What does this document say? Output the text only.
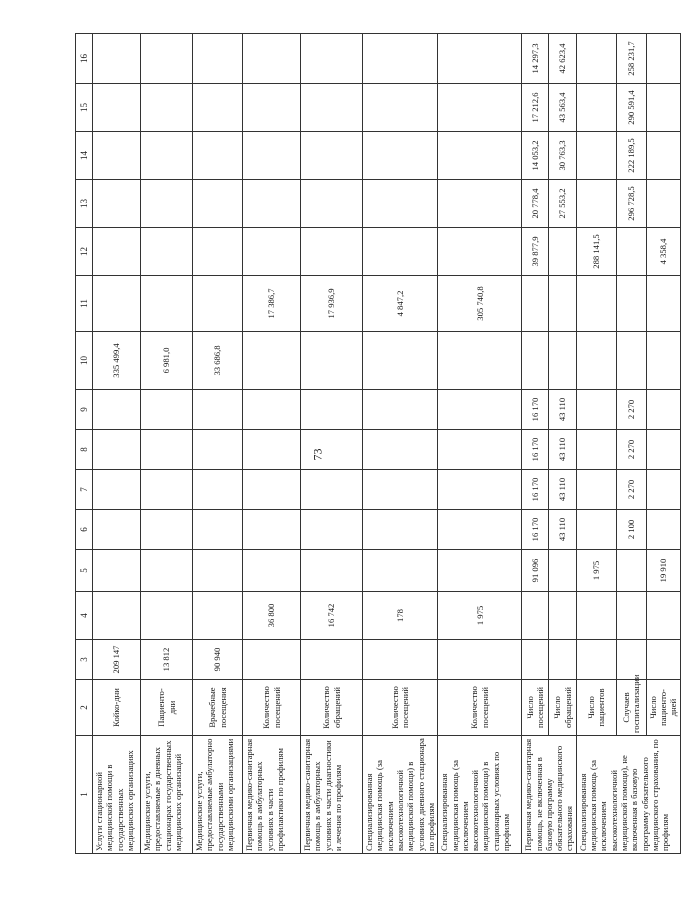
73
1	2	3	4	5	6	7	8	9	10	11	12	13	14	15	16
Услуги стационарной медицинской помощи в государственных медицинских организациях	Койко-дни	209 147							335 499,4						
Медицинские услуги, предоставляемые в дневных стационарах государственных медицинских организаций	Пациенто-дни	13 812							6 981,0						
Медицинские услуги, предоставляемые амбулаторно государственными медицинскими организациями	Врачебные посещения	90 940							33 686,8						
Первичная медико-санитарная помощь в амбулаторных условиях в части профилактики по профилям	Количество посещений		36 800							17 386,7					
Первичная медико-санитарная помощь в амбулаторных условиях в части диагностики и лечения по профилям	Количество обращений		16 742							17 936,9					
Специализированная медицинская помощь (за исключением высокотехнологичной медицинской помощи) в условиях дневного стационара по профилям	Количество посещений		178							4 847,2					
Специализированная медицинская помощь (за исключением высокотехнологичной медицинской помощи) в стационарных условиях по профилям	Количество посещений		1 975							305 740,8					
Первичная медико-санитарная помощь, не включенная в базовую программу обязательного медицинского страхования	Число посещений			91 096	16 170	16 170	16 170	16 170			39 877,9	20 778,4	14 053,2	17 212,6	14 297,3
	Число обращений				43 110	43 110	43 110	43 110				27 553,2	30 763,3	43 563,4	42 623,4
Специализированная медицинская помощь (за исключением высокотехнологичной медицинской помощи), не включенная в базовую программу обязательного медицинского страхования, по профилям	Число пациентов			1 975							288 141,5				
	Случаев госпитализации				2 100	2 270	2 270	2 270				296 728,5	222 189,5	290 591,4	258 231,7
	Число пациенто-дней			19 910							4 358,4				
